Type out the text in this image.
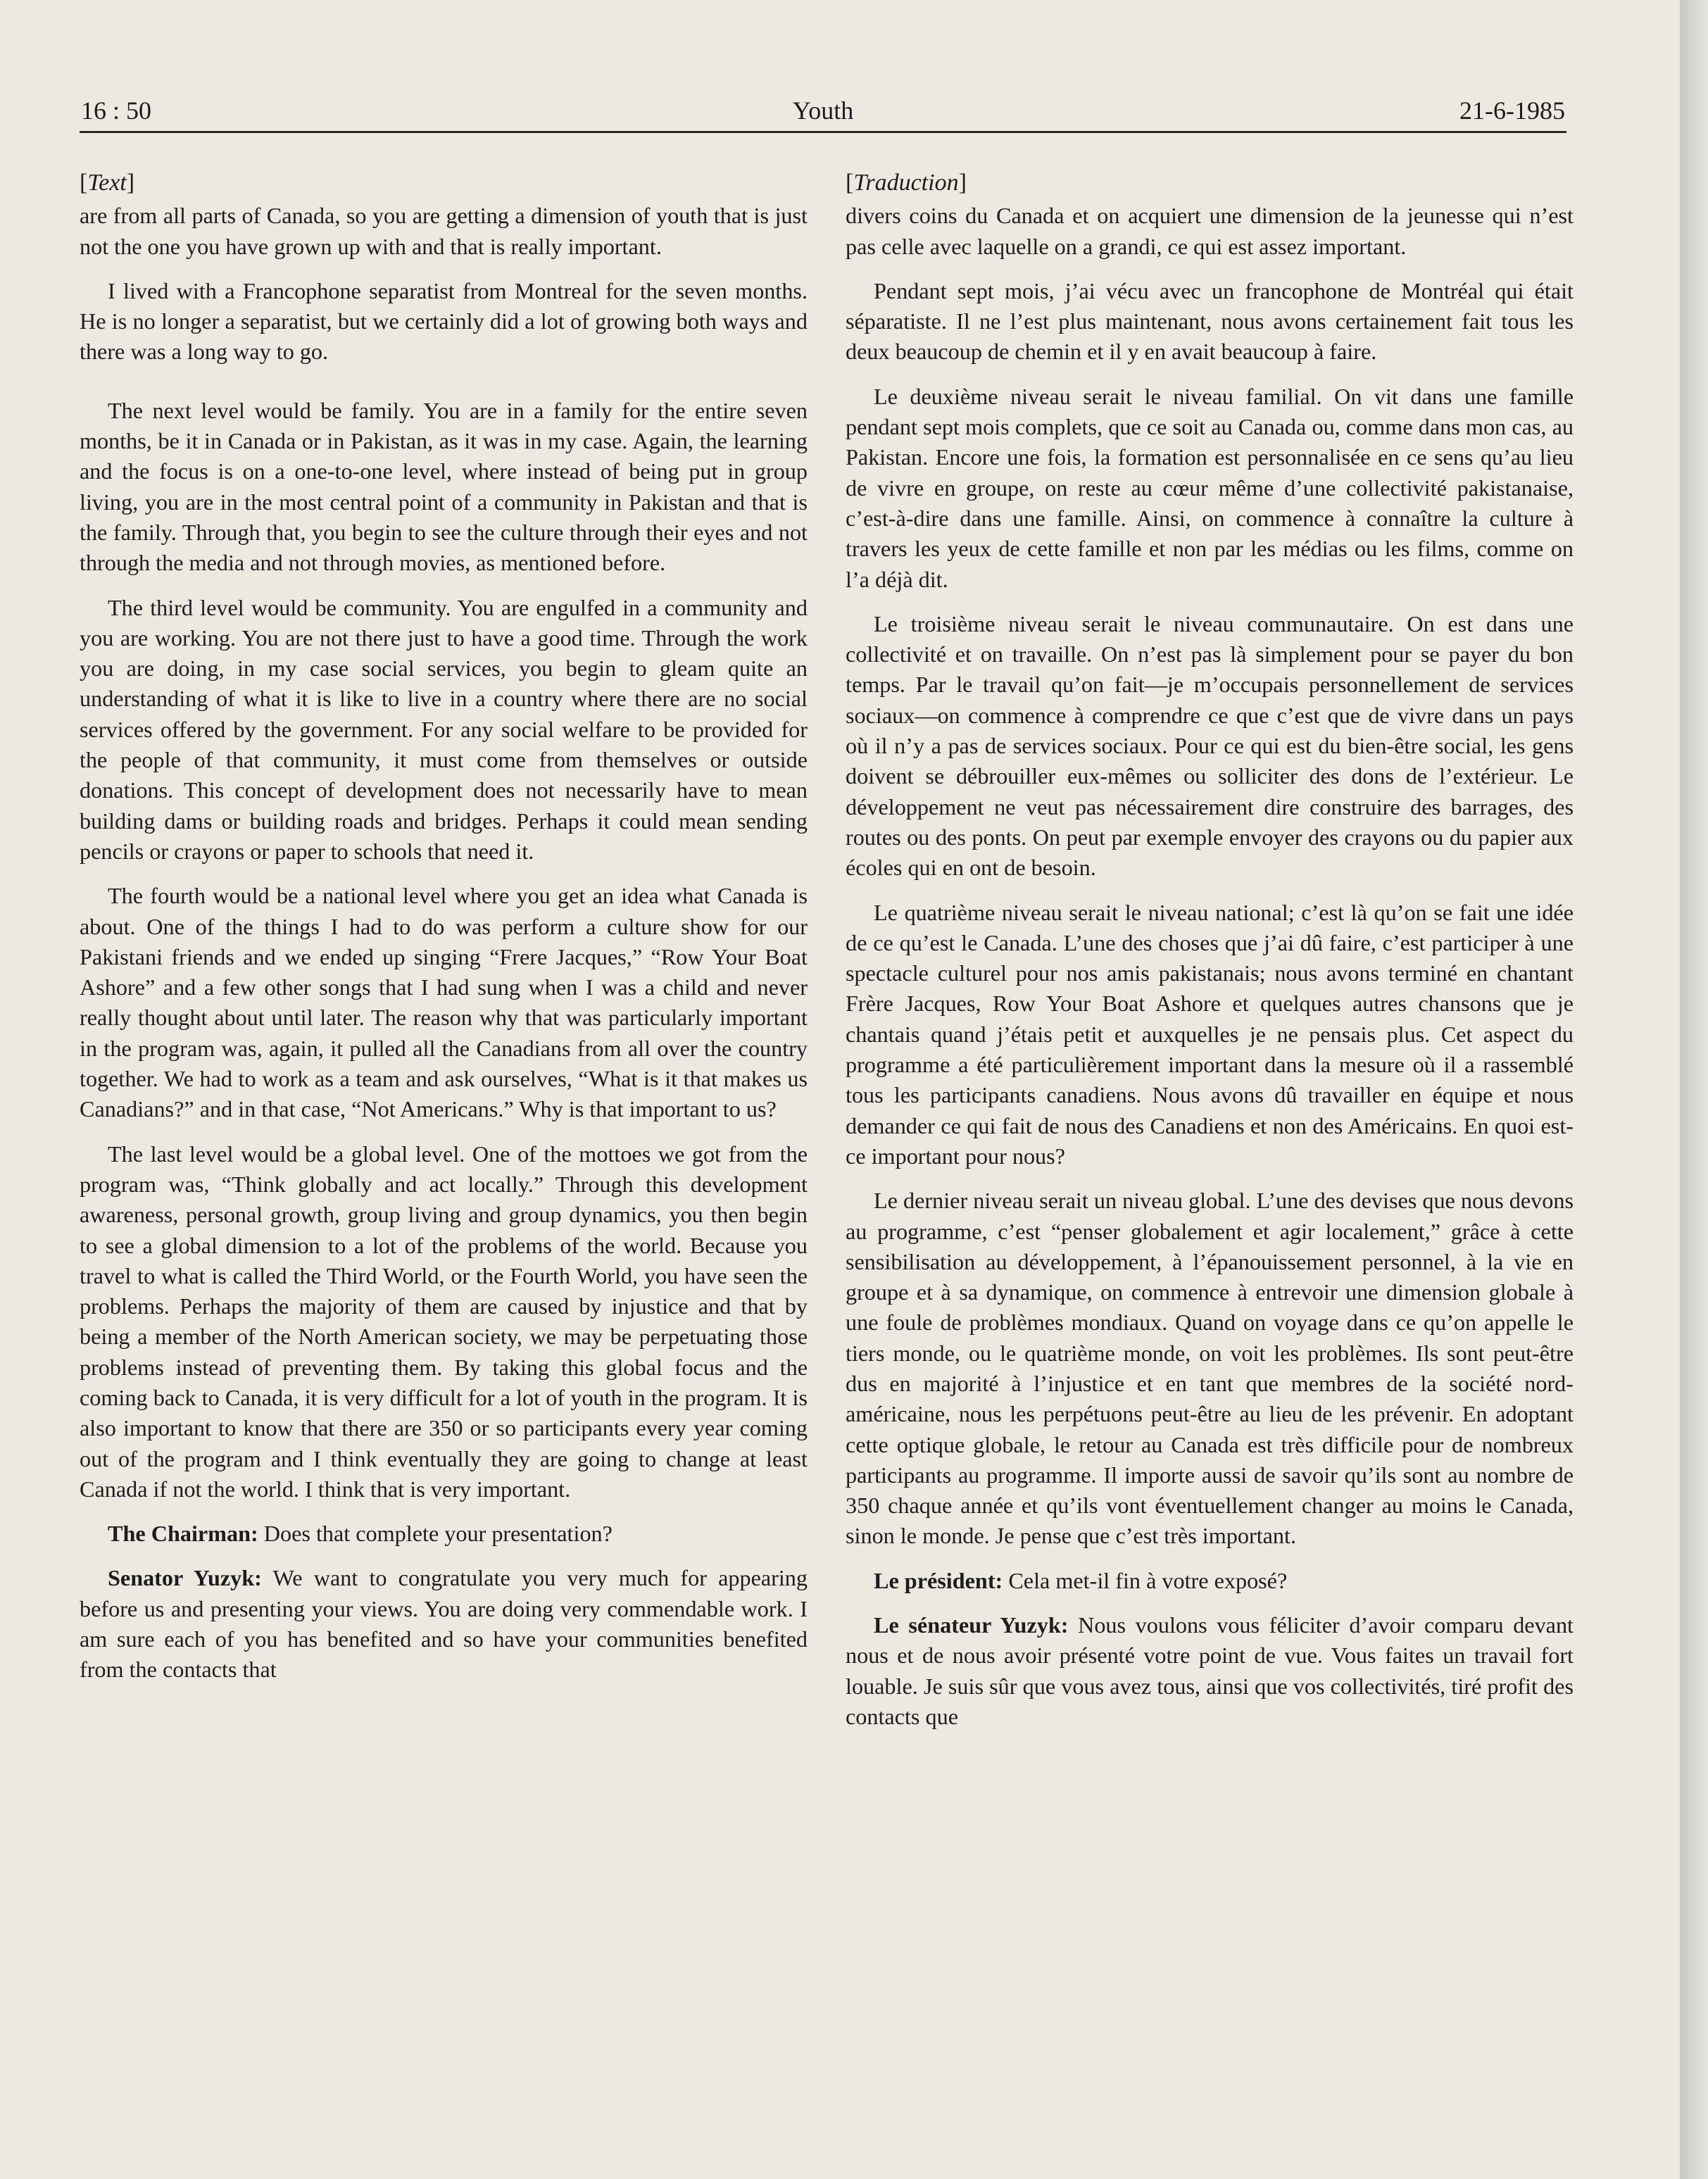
16 : 50	Youth	21-6-1985
[Text]

are from all parts of Canada, so you are getting a dimension of youth that is just not the one you have grown up with and that is really important.

I lived with a Francophone separatist from Montreal for the seven months. He is no longer a separatist, but we certainly did a lot of growing both ways and there was a long way to go.

The next level would be family. You are in a family for the entire seven months, be it in Canada or in Pakistan, as it was in my case. Again, the learning and the focus is on a one-to-one level, where instead of being put in group living, you are in the most central point of a community in Pakistan and that is the family. Through that, you begin to see the culture through their eyes and not through the media and not through movies, as mentioned before.

The third level would be community. You are engulfed in a community and you are working. You are not there just to have a good time. Through the work you are doing, in my case social services, you begin to gleam quite an understanding of what it is like to live in a country where there are no social services offered by the government. For any social welfare to be provided for the people of that community, it must come from themselves or outside donations. This concept of development does not necessarily have to mean building dams or building roads and bridges. Perhaps it could mean sending pencils or crayons or paper to schools that need it.

The fourth would be a national level where you get an idea what Canada is about. One of the things I had to do was perform a culture show for our Pakistani friends and we ended up singing “Frere Jacques,” “Row Your Boat Ashore” and a few other songs that I had sung when I was a child and never really thought about until later. The reason why that was particularly important in the program was, again, it pulled all the Canadians from all over the country together. We had to work as a team and ask ourselves, “What is it that makes us Canadians?” and in that case, “Not Americans.” Why is that important to us?

The last level would be a global level. One of the mottoes we got from the program was, “Think globally and act locally.” Through this development awareness, personal growth, group living and group dynamics, you then begin to see a global dimension to a lot of the problems of the world. Because you travel to what is called the Third World, or the Fourth World, you have seen the problems. Perhaps the majority of them are caused by injustice and that by being a member of the North American society, we may be perpetuating those problems instead of preventing them. By taking this global focus and the coming back to Canada, it is very difficult for a lot of youth in the program. It is also important to know that there are 350 or so participants every year coming out of the program and I think eventually they are going to change at least Canada if not the world. I think that is very important.

The Chairman: Does that complete your presentation?

Senator Yuzyk: We want to congratulate you very much for appearing before us and presenting your views. You are doing very commendable work. I am sure each of you has benefited and so have your communities benefited from the contacts that

[Traduction]

divers coins du Canada et on acquiert une dimension de la jeunesse qui n’est pas celle avec laquelle on a grandi, ce qui est assez important.

Pendant sept mois, j’ai vécu avec un francophone de Montréal qui était séparatiste. Il ne l’est plus maintenant, nous avons certainement fait tous les deux beaucoup de chemin et il y en avait beaucoup à faire.

Le deuxième niveau serait le niveau familial. On vit dans une famille pendant sept mois complets, que ce soit au Canada ou, comme dans mon cas, au Pakistan. Encore une fois, la formation est personnalisée en ce sens qu’au lieu de vivre en groupe, on reste au cœur même d’une collectivité pakistanaise, c’est-à-dire dans une famille. Ainsi, on commence à connaître la culture à travers les yeux de cette famille et non par les médias ou les films, comme on l’a déjà dit.

Le troisième niveau serait le niveau communautaire. On est dans une collectivité et on travaille. On n’est pas là simplement pour se payer du bon temps. Par le travail qu’on fait—je m’occupais personnellement de services sociaux—on commence à comprendre ce que c’est que de vivre dans un pays où il n’y a pas de services sociaux. Pour ce qui est du bien-être social, les gens doivent se débrouiller eux-mêmes ou solliciter des dons de l’extérieur. Le développement ne veut pas nécessairement dire construire des barrages, des routes ou des ponts. On peut par exemple envoyer des crayons ou du papier aux écoles qui en ont de besoin.

Le quatrième niveau serait le niveau national; c’est là qu’on se fait une idée de ce qu’est le Canada. L’une des choses que j’ai dû faire, c’est participer à une spectacle culturel pour nos amis pakistanais; nous avons terminé en chantant Frère Jacques, Row Your Boat Ashore et quelques autres chansons que je chantais quand j’étais petit et auxquelles je ne pensais plus. Cet aspect du programme a été particulièrement important dans la mesure où il a rassemblé tous les participants canadiens. Nous avons dû travailler en équipe et nous demander ce qui fait de nous des Canadiens et non des Américains. En quoi est-ce important pour nous?

Le dernier niveau serait un niveau global. L’une des devises que nous devons au programme, c’est “penser globalement et agir localement,” grâce à cette sensibilisation au développement, à l’épanouissement personnel, à la vie en groupe et à sa dynamique, on commence à entrevoir une dimension globale à une foule de problèmes mondiaux. Quand on voyage dans ce qu’on appelle le tiers monde, ou le quatrième monde, on voit les problèmes. Ils sont peut-être dus en majorité à l’injustice et en tant que membres de la société nord-américaine, nous les perpétuons peut-être au lieu de les prévenir. En adoptant cette optique globale, le retour au Canada est très difficile pour de nombreux participants au programme. Il importe aussi de savoir qu’ils sont au nombre de 350 chaque année et qu’ils vont éventuellement changer au moins le Canada, sinon le monde. Je pense que c’est très important.

Le président: Cela met-il fin à votre exposé?

Le sénateur Yuzyk: Nous voulons vous féliciter d’avoir comparu devant nous et de nous avoir présenté votre point de vue. Vous faites un travail fort louable. Je suis sûr que vous avez tous, ainsi que vos collectivités, tiré profit des contacts que
